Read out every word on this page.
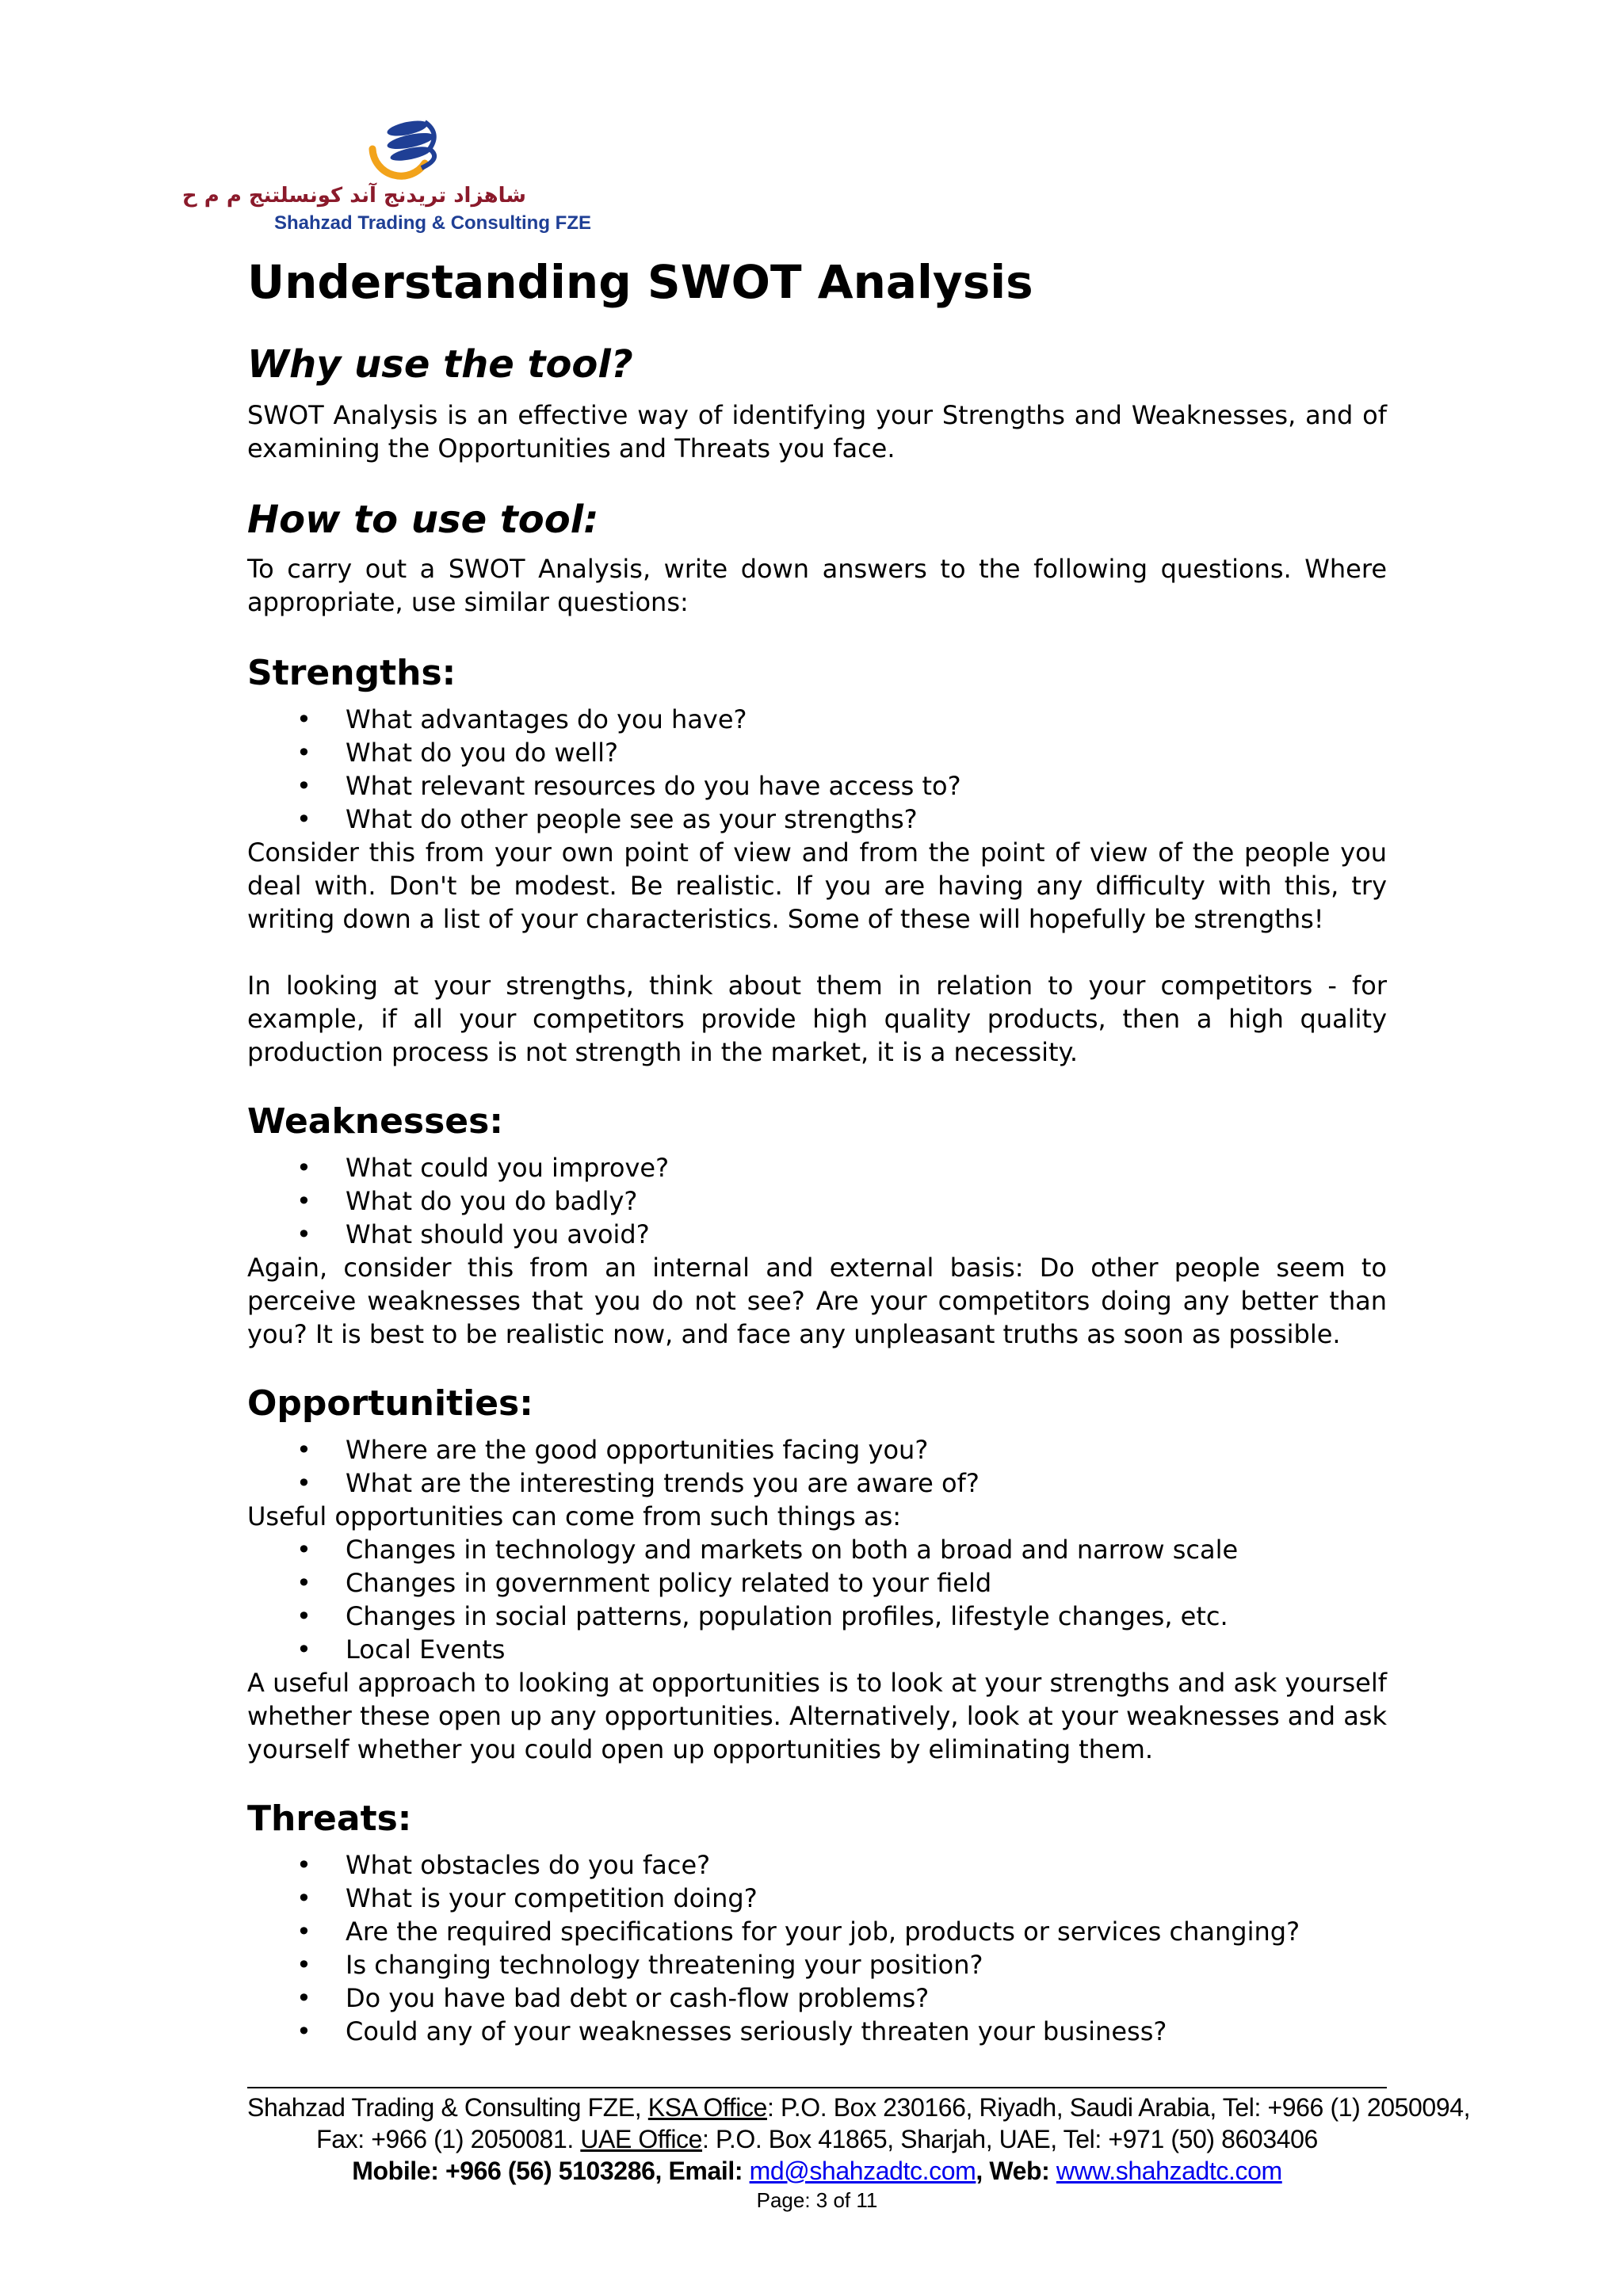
شاهزاد تريدنج آند كونسلتنج م م ح
Shahzad Trading & Consulting FZE
Understanding SWOT Analysis
Why use the tool?

SWOT Analysis is an effective way of identifying your Strengths and Weaknesses, and of examining the Opportunities and Threats you face.

How to use tool:

To carry out a SWOT Analysis, write down answers to the following questions. Where appropriate, use similar questions:

Strengths:
• What advantages do you have?
• What do you do well?
• What relevant resources do you have access to?
• What do other people see as your strengths?

Consider this from your own point of view and from the point of view of the people you deal with. Don't be modest. Be realistic. If you are having any difficulty with this, try writing down a list of your characteristics. Some of these will hopefully be strengths!

In looking at your strengths, think about them in relation to your competitors - for example, if all your competitors provide high quality products, then a high quality production process is not strength in the market, it is a necessity.

Weaknesses:
• What could you improve?
• What do you do badly?
• What should you avoid?

Again, consider this from an internal and external basis: Do other people seem to perceive weaknesses that you do not see? Are your competitors doing any better than you? It is best to be realistic now, and face any unpleasant truths as soon as possible.

Opportunities:
• Where are the good opportunities facing you?
• What are the interesting trends you are aware of?

Useful opportunities can come from such things as:

• Changes in technology and markets on both a broad and narrow scale
• Changes in government policy related to your field
• Changes in social patterns, population profiles, lifestyle changes, etc.
• Local Events

A useful approach to looking at opportunities is to look at your strengths and ask yourself whether these open up any opportunities. Alternatively, look at your weaknesses and ask yourself whether you could open up opportunities by eliminating them.

Threats:
• What obstacles do you face?
• What is your competition doing?
• Are the required specifications for your job, products or services changing?
• Is changing technology threatening your position?
• Do you have bad debt or cash-flow problems?
• Could any of your weaknesses seriously threaten your business?
Shahzad Trading & Consulting FZE, KSA Office: P.O. Box 230166, Riyadh, Saudi Arabia, Tel: +966 (1) 2050094,
Fax: +966 (1) 2050081. UAE Office: P.O. Box 41865, Sharjah, UAE, Tel: +971 (50) 8603406
Mobile: +966 (56) 5103286, Email: md@shahzadtc.com, Web: www.shahzadtc.com
Page: 3 of 11
